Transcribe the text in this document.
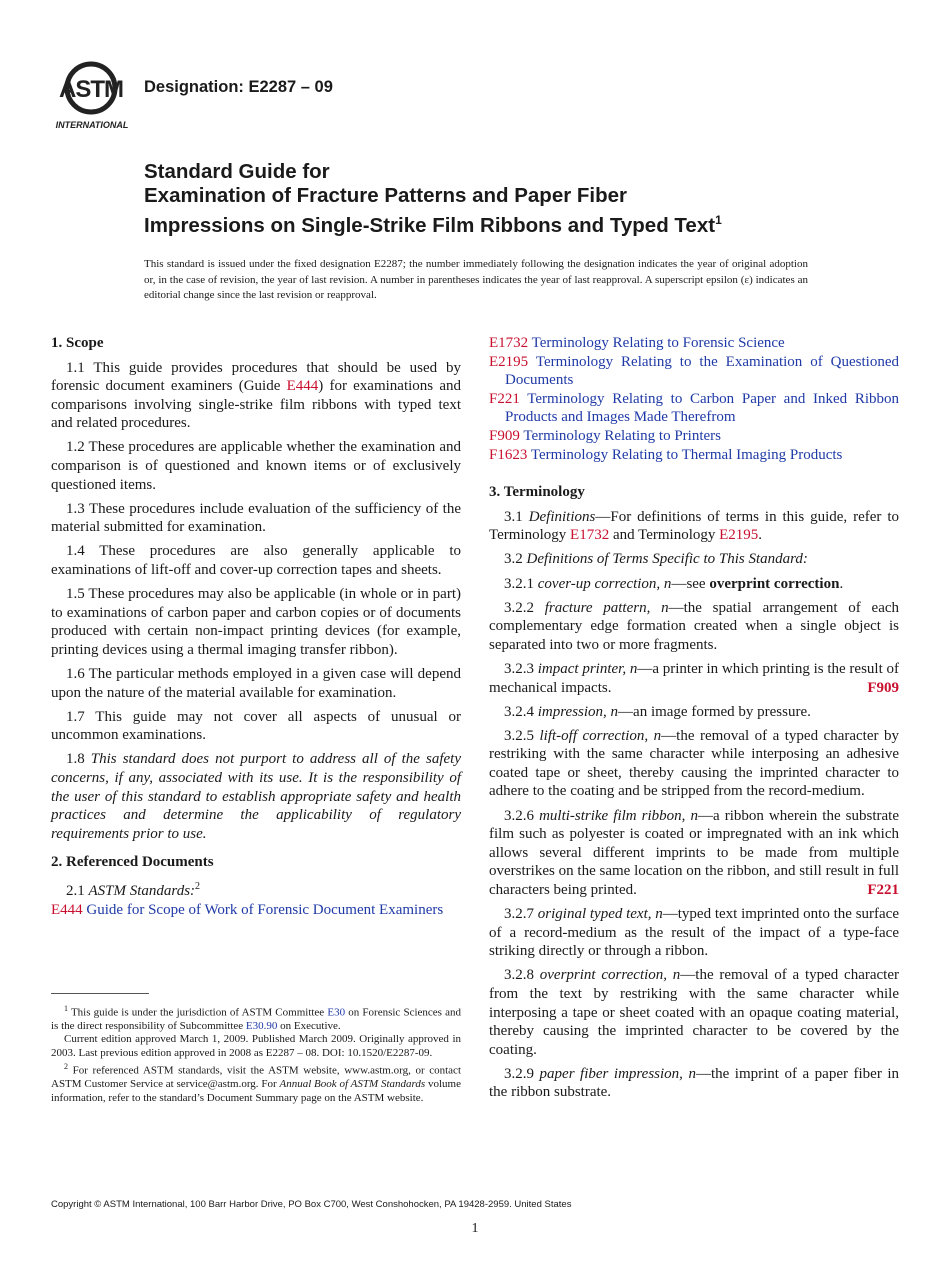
ASTM
INTERNATIONAL
Designation: E2287 – 09
Standard Guide for
Examination of Fracture Patterns and Paper Fiber
Impressions on Single-Strike Film Ribbons and Typed Text$^1$
This standard is issued under the fixed designation E2287; the number immediately following the designation indicates the year of original adoption or, in the case of revision, the year of last revision. A number in parentheses indicates the year of last reapproval. A superscript epsilon (ε) indicates an editorial change since the last revision or reapproval.
1. Scope

1.1 This guide provides procedures that should be used by forensic document examiners (Guide E444) for examinations and comparisons involving single-strike film ribbons with typed text and related procedures.

1.2 These procedures are applicable whether the examination and comparison is of questioned and known items or of exclusively questioned items.

1.3 These procedures include evaluation of the sufficiency of the material submitted for examination.

1.4 These procedures are also generally applicable to examinations of lift-off and cover-up correction tapes and sheets.

1.5 These procedures may also be applicable (in whole or in part) to examinations of carbon paper and carbon copies or of documents produced with certain non-impact printing devices (for example, printing devices using a thermal imaging transfer ribbon).

1.6 The particular methods employed in a given case will depend upon the nature of the material available for examination.

1.7 This guide may not cover all aspects of unusual or uncommon examinations.

1.8 This standard does not purport to address all of the safety concerns, if any, associated with its use. It is the responsibility of the user of this standard to establish appropriate safety and health practices and determine the applicability of regulatory requirements prior to use.

2. Referenced Documents

2.1 ASTM Standards:$^2$

E444 Guide for Scope of Work of Forensic Document Examiners
E1732 Terminology Relating to Forensic Science
E2195 Terminology Relating to the Examination of Questioned Documents
F221 Terminology Relating to Carbon Paper and Inked Ribbon Products and Images Made Therefrom
F909 Terminology Relating to Printers
F1623 Terminology Relating to Thermal Imaging Products
3. Terminology

3.1 Definitions—For definitions of terms in this guide, refer to Terminology E1732 and Terminology E2195.

3.2 Definitions of Terms Specific to This Standard:

3.2.1 cover-up correction, n—see overprint correction.

3.2.2 fracture pattern, n—the spatial arrangement of each complementary edge formation created when a single object is separated into two or more fragments.

3.2.3 impact printer, n—a printer in which printing is the result of mechanical impacts.	F909

3.2.4 impression, n—an image formed by pressure.

3.2.5 lift-off correction, n—the removal of a typed character by restriking with the same character while interposing an adhesive coated tape or sheet, thereby causing the imprinted character to adhere to the coating and be stripped from the record-medium.

3.2.6 multi-strike film ribbon, n—a ribbon wherein the substrate film such as polyester is coated or impregnated with an ink which allows several different imprints to be made from multiple overstrikes on the same location on the ribbon, and still result in full characters being printed.	F221

3.2.7 original typed text, n—typed text imprinted onto the surface of a record-medium as the result of the impact of a type-face striking directly or through a ribbon.

3.2.8 overprint correction, n—the removal of a typed character from the text by restriking with the same character while interposing a tape or sheet coated with an opaque coating material, thereby causing the imprinted character to be covered by the coating.

3.2.9 paper fiber impression, n—the imprint of a paper fiber in the ribbon substrate.

$^1$ This guide is under the jurisdiction of ASTM Committee E30 on Forensic Sciences and is the direct responsibility of Subcommittee E30.90 on Executive.

Current edition approved March 1, 2009. Published March 2009. Originally approved in 2003. Last previous edition approved in 2008 as E2287 – 08. DOI: 10.1520/E2287-09.

$^2$ For referenced ASTM standards, visit the ASTM website, www.astm.org, or contact ASTM Customer Service at service@astm.org. For Annual Book of ASTM Standards volume information, refer to the standard’s Document Summary page on the ASTM website.

Copyright © ASTM International, 100 Barr Harbor Drive, PO Box C700, West Conshohocken, PA 19428-2959. United States
1
